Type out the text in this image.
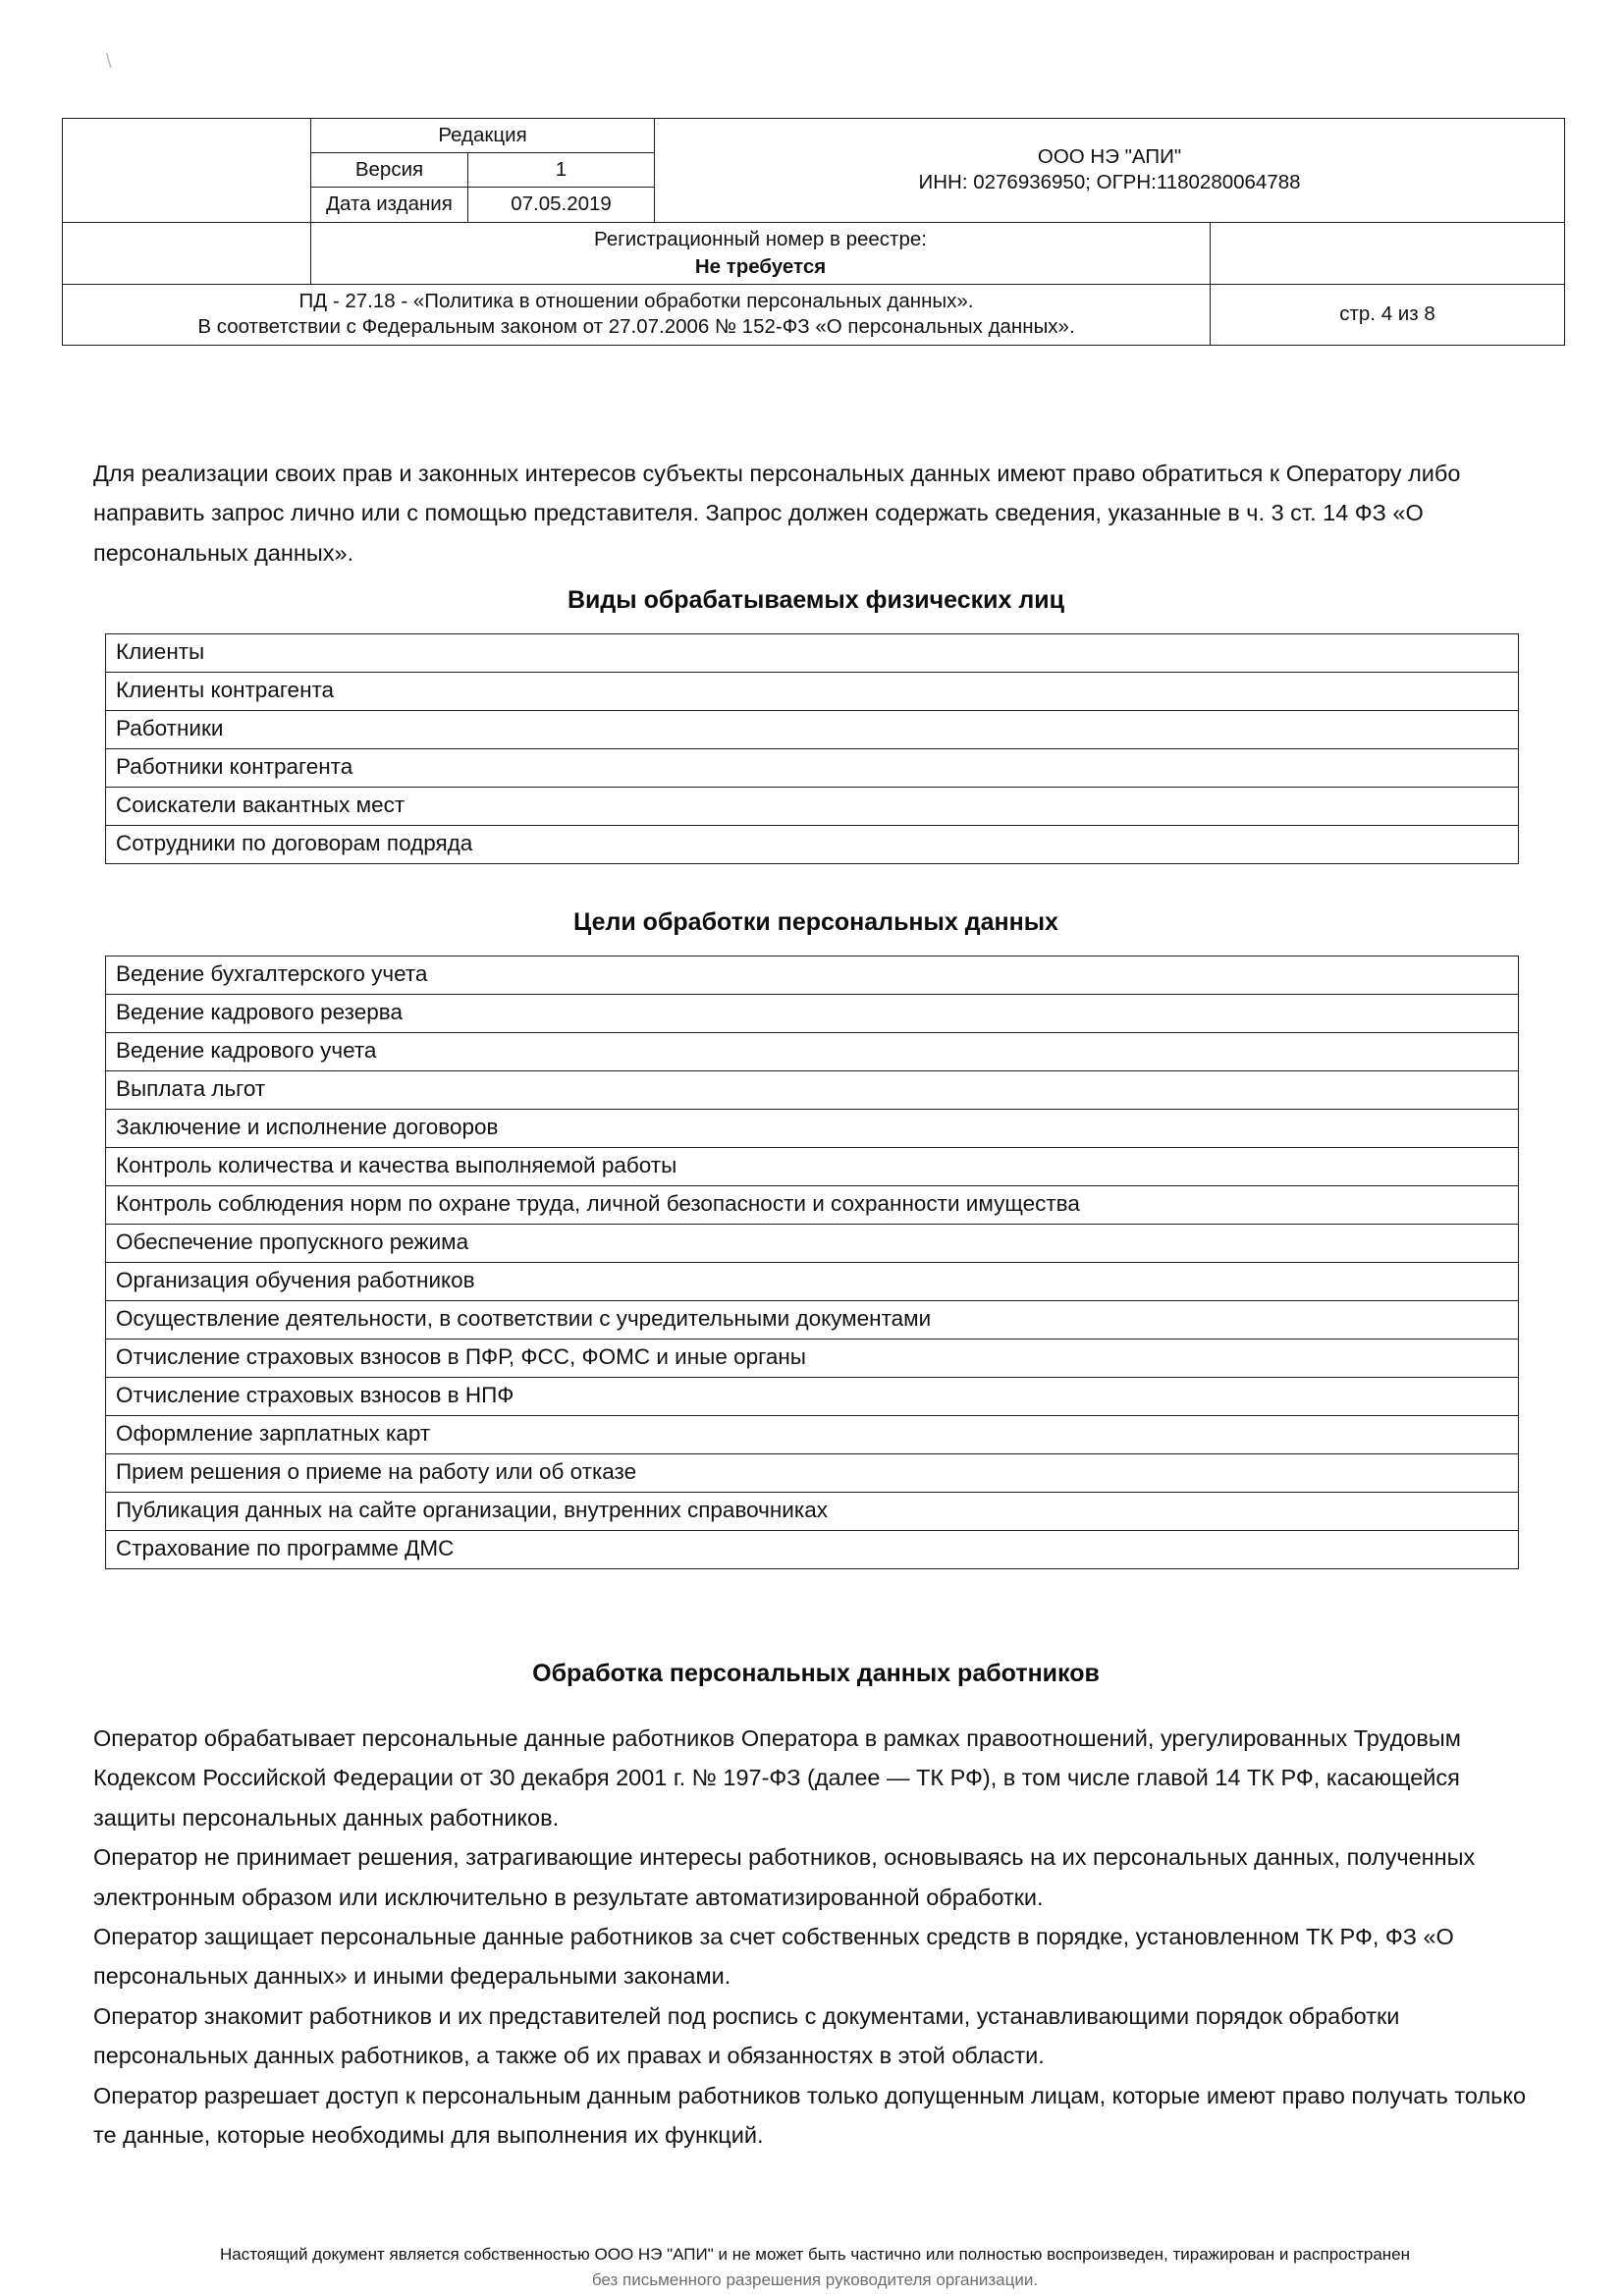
\
	Редакция		ООО НЭ "АПИ"
ИНН: 0276936950; ОГРН:1180280064788	

	Версия	1		
	Дата издания	07.05.2019		

	Регистрационный номер в реестре:
Не требуется			

ПД - 27.18 - «Политика в отношении обработки персональных данных».
В соответствии с Федеральным законом от 27.07.2006 № 152-ФЗ «О персональных данных».				стр. 4 из 8

Для реализации своих прав и законных интересов субъекты персональных данных имеют право обратиться к Оператору либо направить запрос лично или с помощью представителя. Запрос должен содержать сведения, указанные в ч. 3 ст. 14 ФЗ «О персональных данных».

Виды обрабатываемых физических лиц
Клиенты
Клиенты контрагента
Работники
Работники контрагента
Соискатели вакантных мест
Сотрудники по договорам подряда
Цели обработки персональных данных
Ведение бухгалтерского учета
Ведение кадрового резерва
Ведение кадрового учета
Выплата льгот
Заключение и исполнение договоров
Контроль количества и качества выполняемой работы
Контроль соблюдения норм по охране труда, личной безопасности и сохранности имущества
Обеспечение пропускного режима
Организация обучения работников
Осуществление деятельности, в соответствии с учредительными документами
Отчисление страховых взносов в ПФР, ФСС, ФОМС и иные органы
Отчисление страховых взносов в НПФ
Оформление зарплатных карт
Прием решения о приеме на работу или об отказе
Публикация данных на сайте организации, внутренних справочниках
Страхование по программе ДМС
Обработка персональных данных работников

Оператор обрабатывает персональные данные работников Оператора в рамках правоотношений, урегулированных Трудовым Кодексом Российской Федерации от 30 декабря 2001 г. № 197-ФЗ (далее — ТК РФ), в том числе главой 14 ТК РФ, касающейся защиты персональных данных работников.

Оператор не принимает решения, затрагивающие интересы работников, основываясь на их персональных данных, полученных электронным образом или исключительно в результате автоматизированной обработки.

Оператор защищает персональные данные работников за счет собственных средств в порядке, установленном ТК РФ, ФЗ «О персональных данных» и иными федеральными законами.

Оператор знакомит работников и их представителей под роспись с документами, устанавливающими порядок обработки персональных данных работников, а также об их правах и обязанностях в этой области.

Оператор разрешает доступ к персональным данным работников только допущенным лицам, которые имеют право получать только те данные, которые необходимы для выполнения их функций.

Настоящий документ является собственностью ООО НЭ "АПИ" и не может быть частично или полностью воспроизведен, тиражирован и распространен
без письменного разрешения руководителя организации.
